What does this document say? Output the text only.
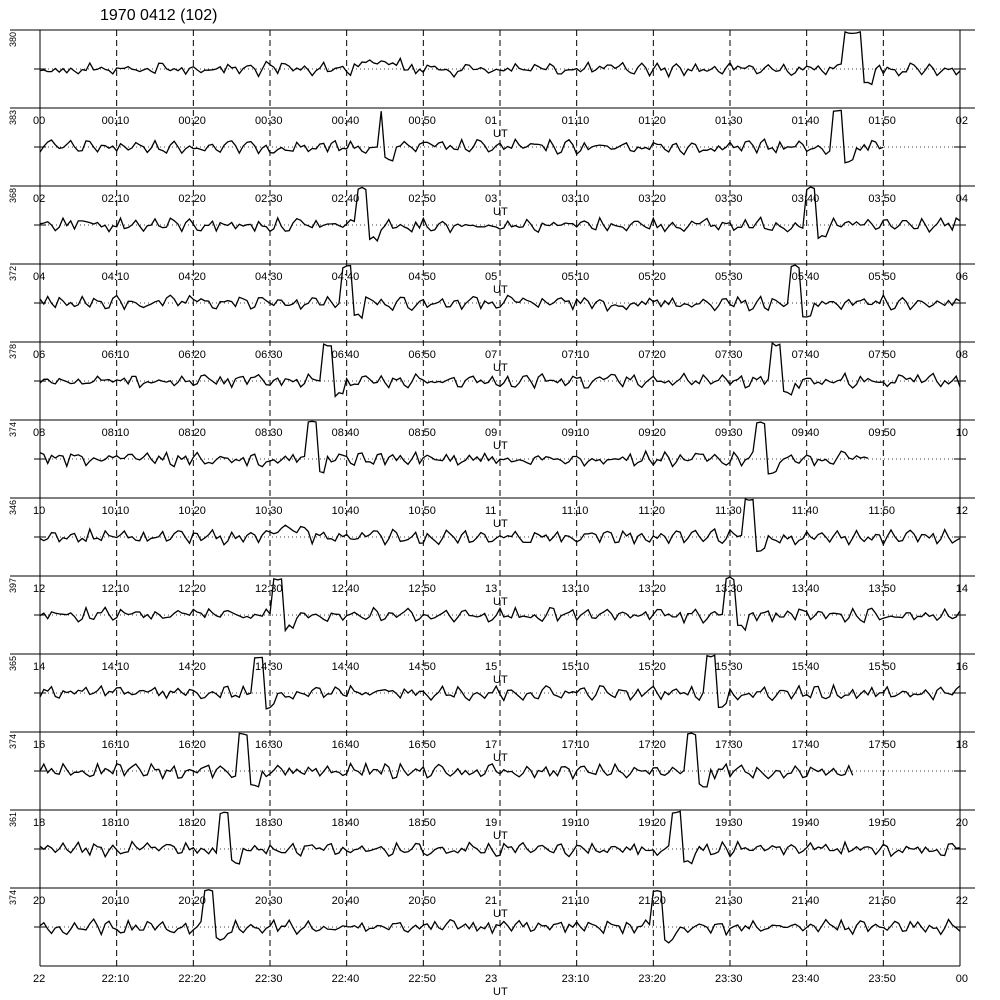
1970 0412 (102)
380
00	00:10	00:20	00:30	00:40	00:50	01	01:10	01:20	01:30	01:40	01:50	02
UT
383
02	02:10	02:20	02:30	02:40	02:50	03	03:10	03:20	03:30	03:40	03:50	04
UT
368
04	04:10	04:20	04:30	04:40	04:50	05	05:10	05:20	05:30	05:40	05:50	06
UT
372
06	06:10	06:20	06:30	06:40	06:50	07	07:10	07:20	07:30	07:40	07:50	08
UT
378
08	08:10	08:20	08:30	08:40	08:50	09	09:10	09:20	09:30	09:40	09:50	10
UT
374
10	10:10	10:20	10:30	10:40	10:50	11	11:10	11:20	11:30	11:40	11:50	12
UT
346
12	12:10	12:20	12:30	12:40	12:50	13	13:10	13:20	13:30	13:40	13:50	14
UT
397
14	14:10	14:20	14:30	14:40	14:50	15	15:10	15:20	15:30	15:40	15:50	16
UT
365
16	16:10	16:20	16:30	16:40	16:50	17	17:10	17:20	17:30	17:40	17:50	18
UT
374
18	18:10	18:20	18:30	18:40	18:50	19	19:10	19:20	19:30	19:40	19:50	20
UT
361
20	20:10	20:20	20:30	20:40	20:50	21	21:10	21:20	21:30	21:40	21:50	22
UT
374
22	22:10	22:20	22:30	22:40	22:50	23	23:10	23:20	23:30	23:40	23:50	00
UT
